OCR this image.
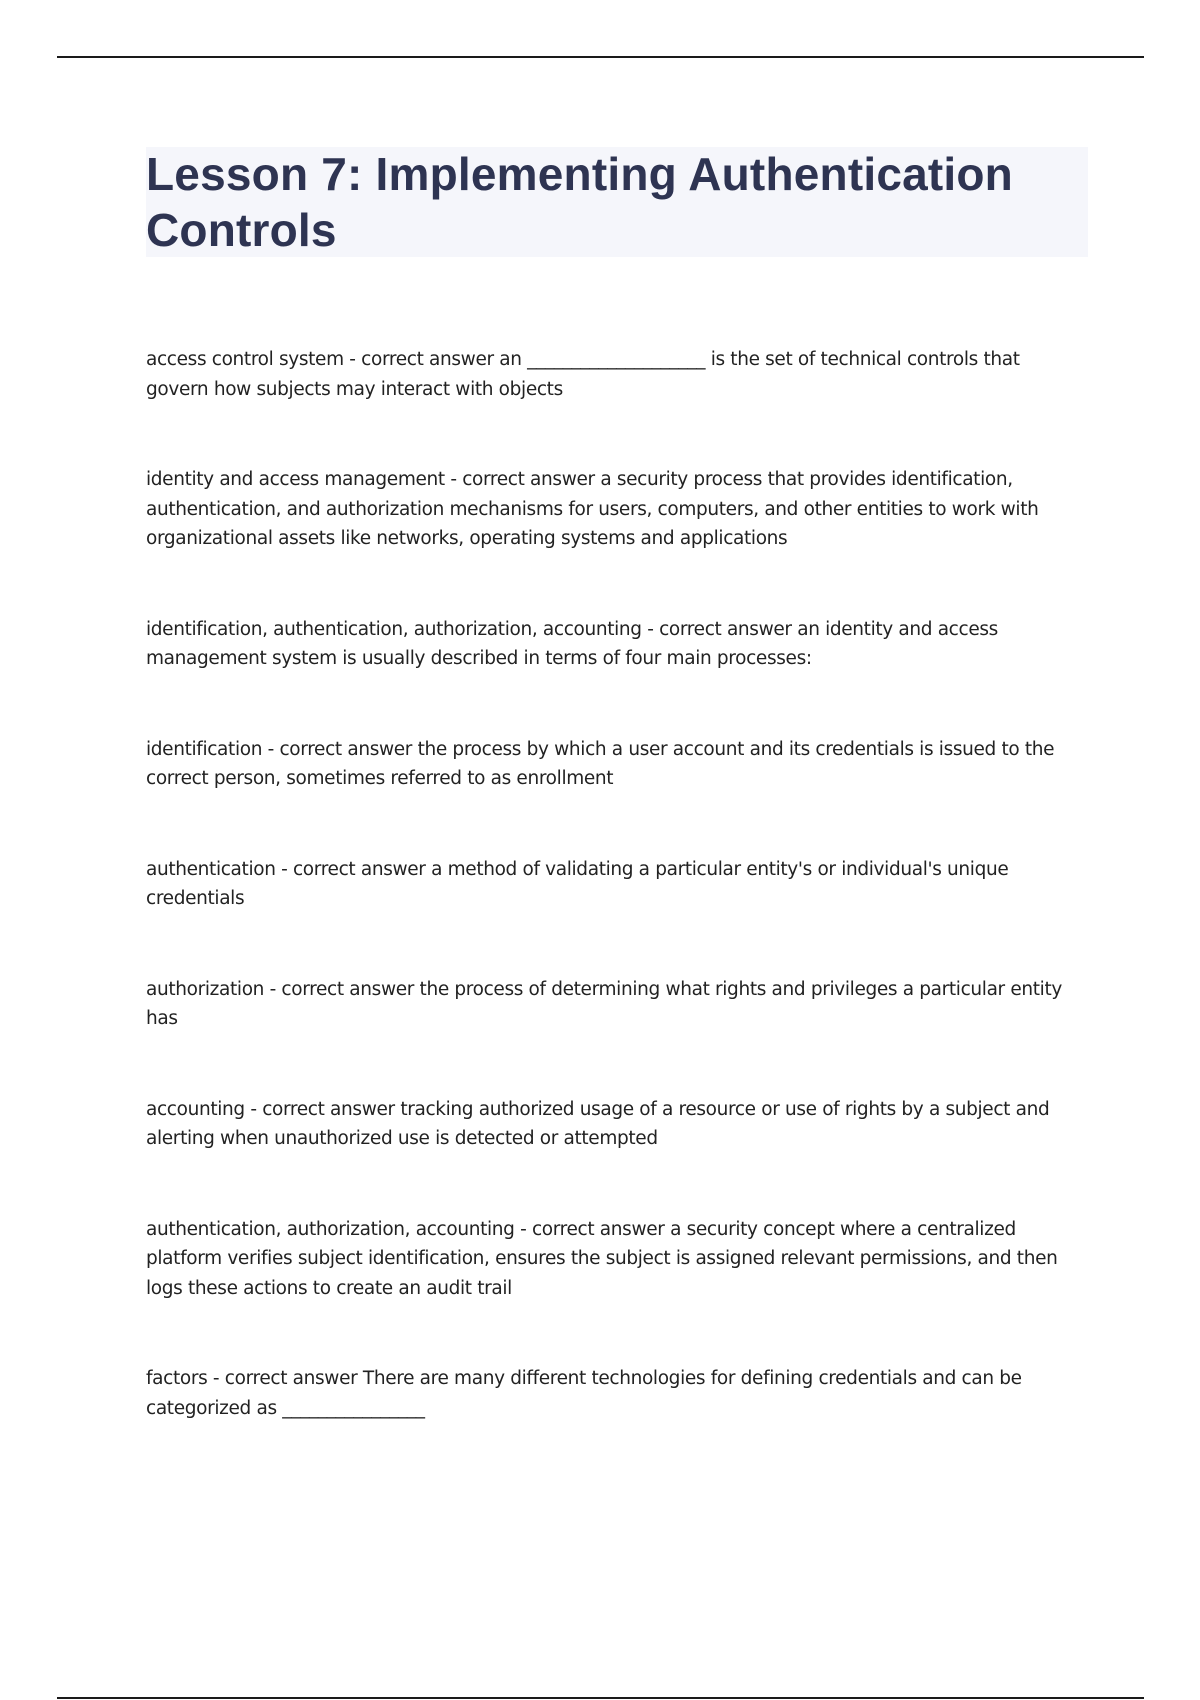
Lesson 7: Implementing Authentication Controls

access control system - correct answer an ____________________ is the set of technical controls that govern how subjects may interact with objects

identity and access management - correct answer a security process that provides identification, authentication, and authorization mechanisms for users, computers, and other entities to work with organizational assets like networks, operating systems and applications

identification, authentication, authorization, accounting - correct answer an identity and access management system is usually described in terms of four main processes:

identification - correct answer the process by which a user account and its credentials is issued to the correct person, sometimes referred to as enrollment

authentication - correct answer a method of validating a particular entity's or individual's unique credentials

authorization - correct answer the process of determining what rights and privileges a particular entity has

accounting - correct answer tracking authorized usage of a resource or use of rights by a subject and alerting when unauthorized use is detected or attempted

authentication, authorization, accounting - correct answer a security concept where a centralized platform verifies subject identification, ensures the subject is assigned relevant permissions, and then logs these actions to create an audit trail

factors - correct answer There are many different technologies for defining credentials and can be categorized as ________________
